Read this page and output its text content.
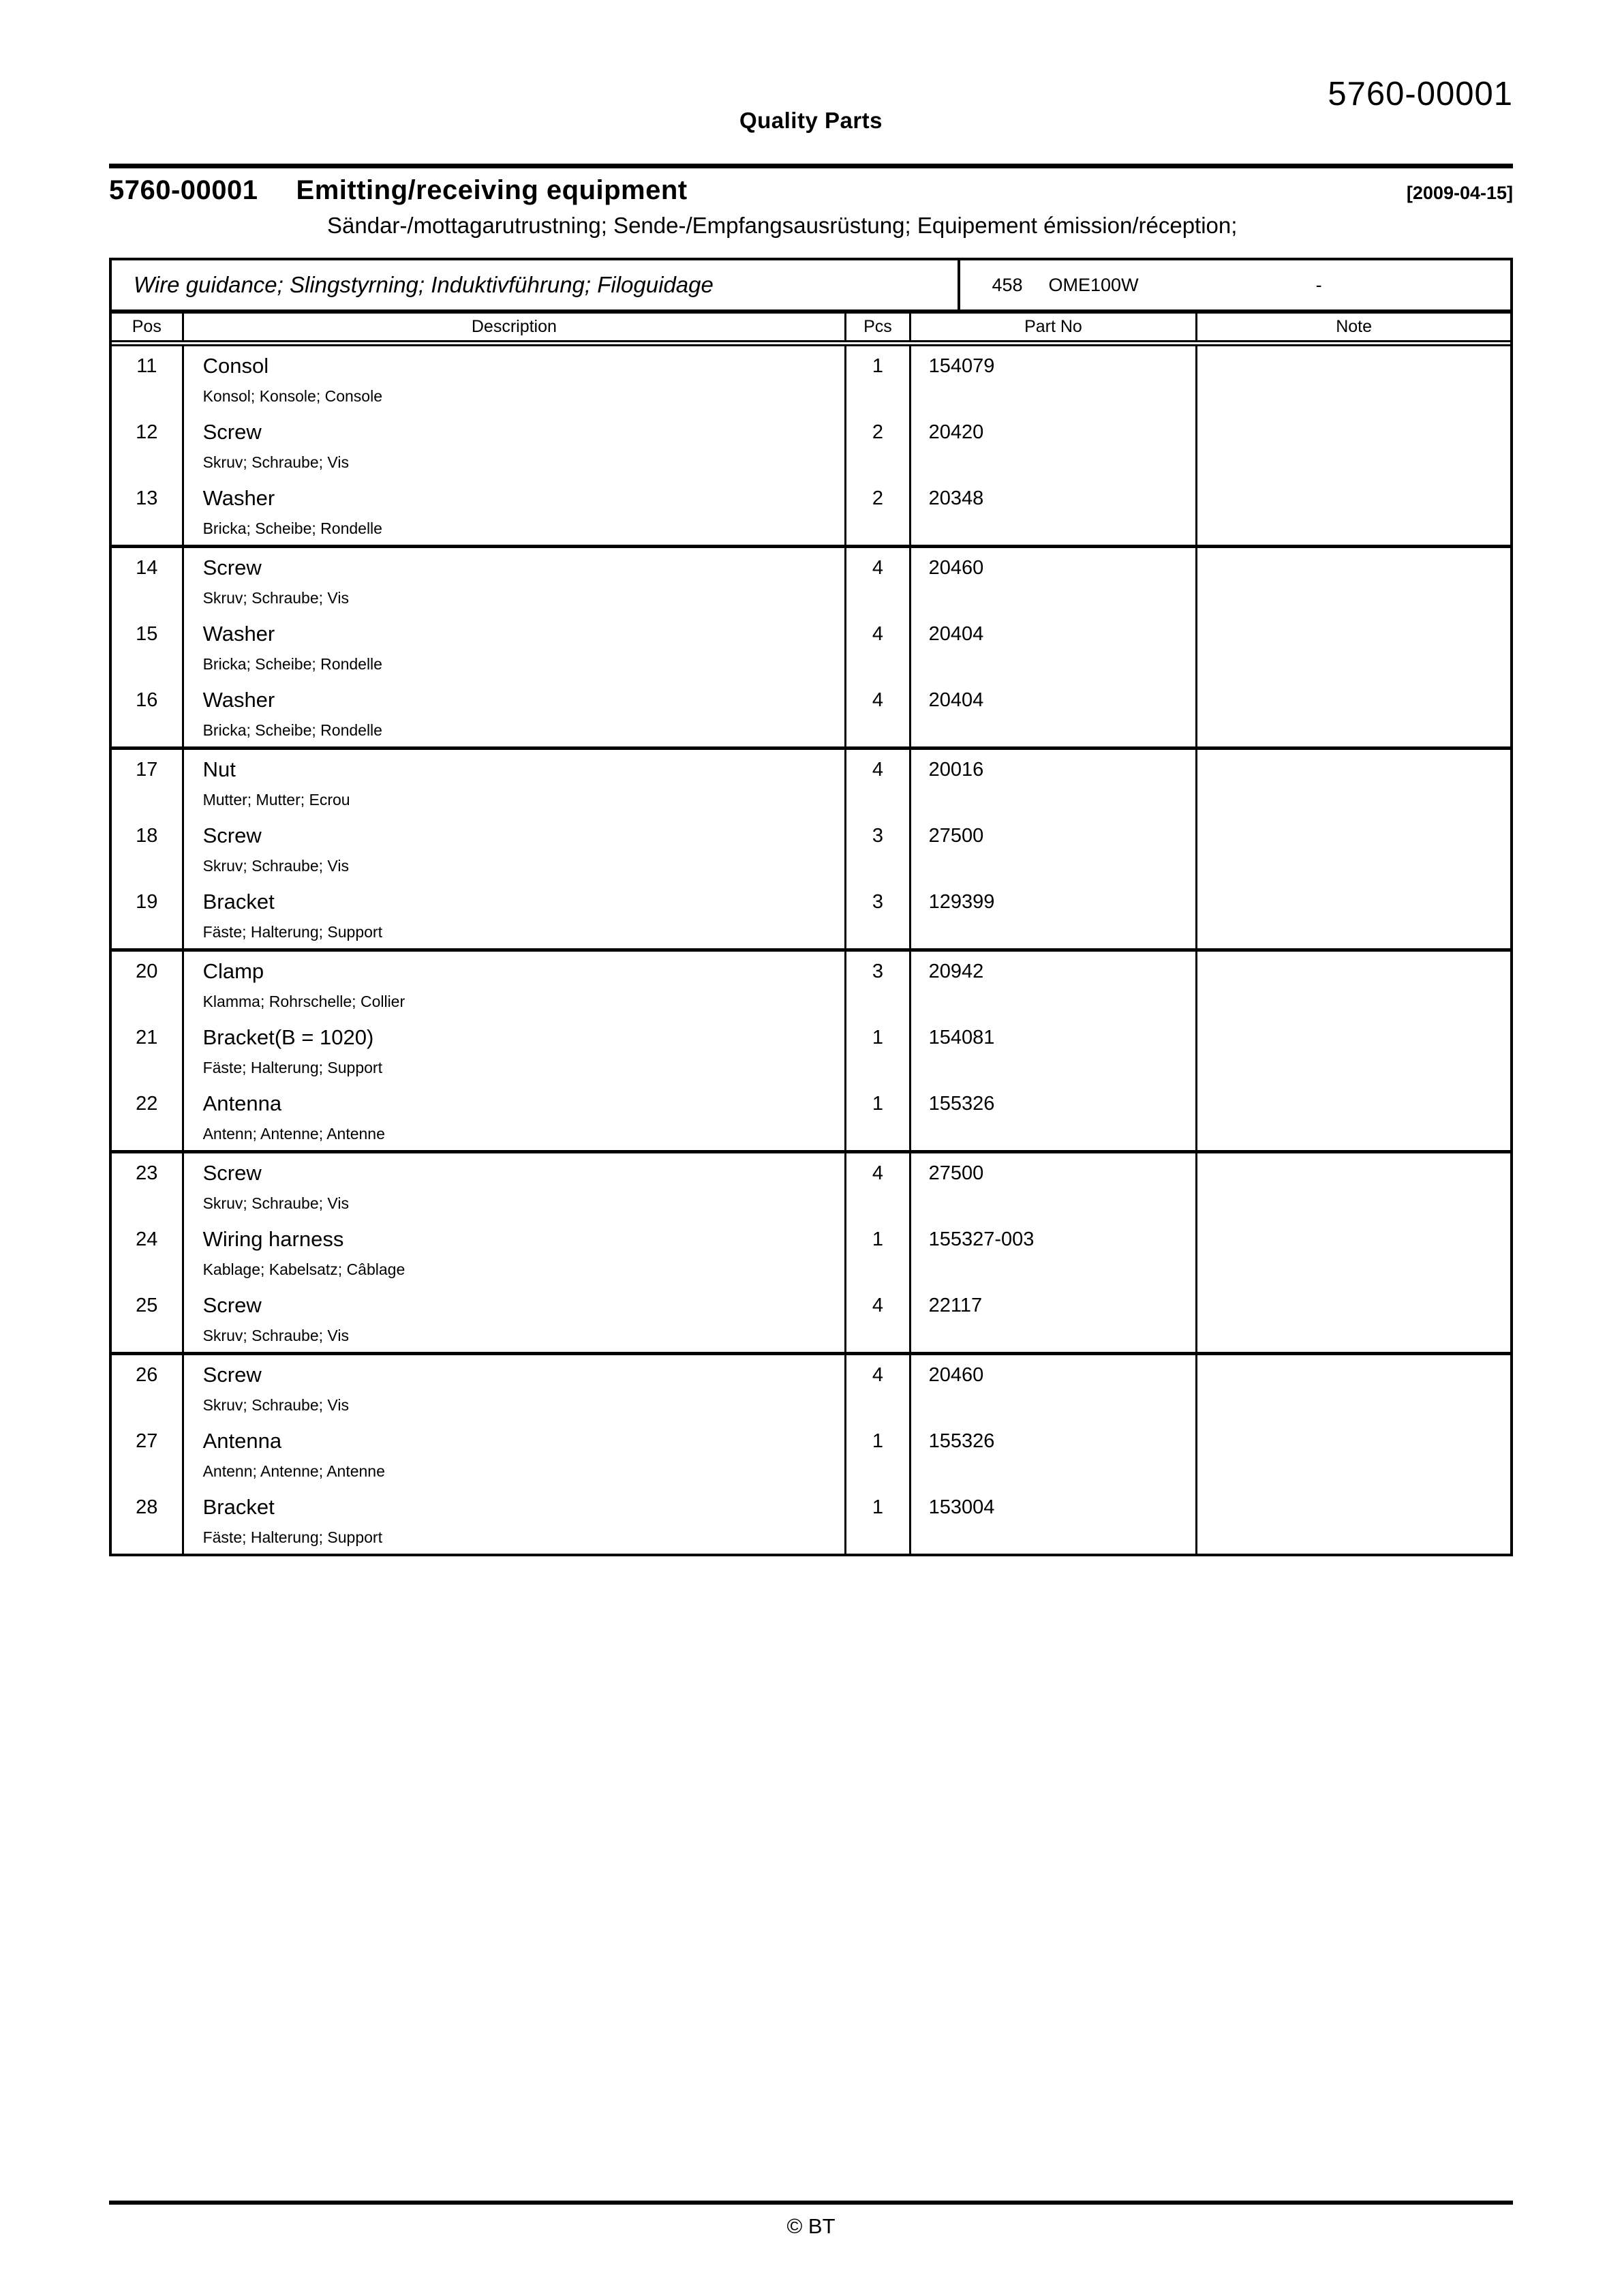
Quality Parts
5760-00001
5760-00001 Emitting/receiving equipment	[2009-04-15]
Sändar-/mottagarutrustning; Sende-/Empfangsausrüstung; Equipement émission/réception;
Wire guidance; Slingstyrning; Induktivführung; Filoguidage	458 OME100W	-
Pos	Description	Pcs	Part No	Note
11	Consol
Konsol; Konsole; Console
1	154079
12	Screw
Skruv; Schraube; Vis
2	20420
13	Washer
Bricka; Scheibe; Rondelle
2	20348
14	Screw
Skruv; Schraube; Vis
4	20460
15	Washer
Bricka; Scheibe; Rondelle
4	20404
16	Washer
Bricka; Scheibe; Rondelle
4	20404
17	Nut
Mutter; Mutter; Ecrou
4	20016
18	Screw
Skruv; Schraube; Vis
3	27500
19	Bracket
Fäste; Halterung; Support
3	129399
20	Clamp
Klamma; Rohrschelle; Collier
3	20942
21	Bracket(B = 1020)
Fäste; Halterung; Support
1	154081
22	Antenna
Antenn; Antenne; Antenne
1	155326
23	Screw
Skruv; Schraube; Vis
4	27500
24	Wiring harness
Kablage; Kabelsatz; Câblage
1	155327-003
25	Screw
Skruv; Schraube; Vis
4	22117
26	Screw
Skruv; Schraube; Vis
4	20460
27	Antenna
Antenn; Antenne; Antenne
1	155326
28	Bracket
Fäste; Halterung; Support
1	153004
© BT
